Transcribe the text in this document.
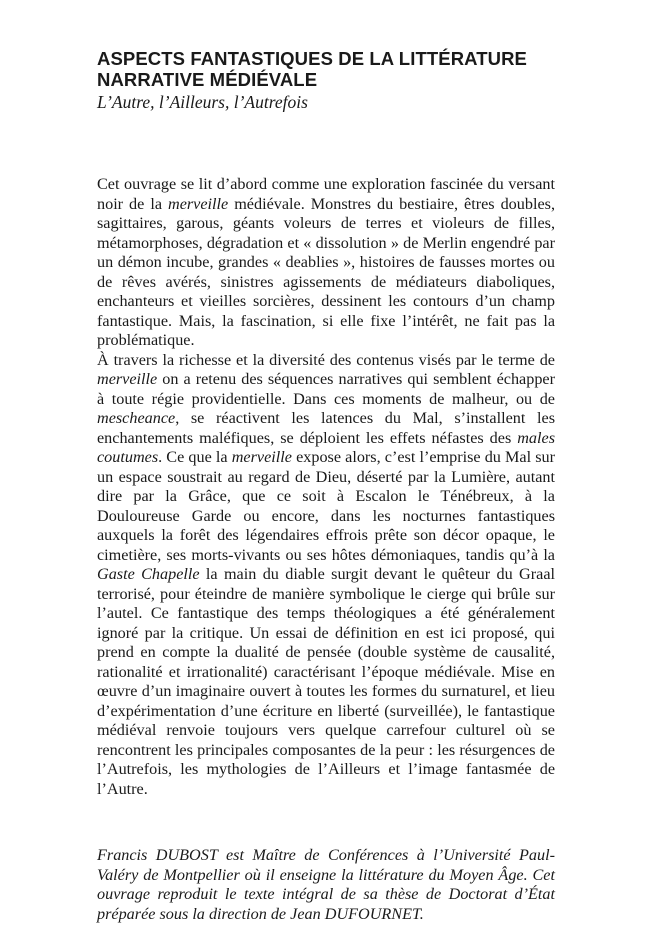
ASPECTS FANTASTIQUES DE LA LITTÉRATURE
NARRATIVE MÉDIÉVALE
L’Autre, l’Ailleurs, l’Autrefois

Cet ouvrage se lit d’abord comme une exploration fascinée du versant noir de la merveille médiévale. Monstres du bestiaire, êtres doubles, sagittaires, garous, géants voleurs de terres et violeurs de filles, métamorphoses, dégradation et « dissolution » de Merlin engendré par un démon incube, grandes « deablies », histoires de fausses mortes ou de rêves avérés, sinistres agissements de médiateurs diaboliques, enchanteurs et vieilles sorcières, dessinent les contours d’un champ fantastique. Mais, la fascination, si elle fixe l’intérêt, ne fait pas la problématique.

À travers la richesse et la diversité des contenus visés par le terme de merveille on a retenu des séquences narratives qui semblent échapper à toute régie providentielle. Dans ces moments de malheur, ou de mescheance, se réactivent les latences du Mal, s’installent les enchantements maléfiques, se déploient les effets néfastes des males coutumes. Ce que la merveille expose alors, c’est l’emprise du Mal sur un espace soustrait au regard de Dieu, déserté par la Lumière, autant dire par la Grâce, que ce soit à Escalon le Ténébreux, à la Douloureuse Garde ou encore, dans les nocturnes fantastiques auxquels la forêt des légendaires effrois prête son décor opaque, le cimetière, ses morts-vivants ou ses hôtes démoniaques, tandis qu’à la Gaste Chapelle la main du diable surgit devant le quêteur du Graal terrorisé, pour éteindre de manière symbolique le cierge qui brûle sur l’autel. Ce fantastique des temps théologiques a été généralement ignoré par la critique. Un essai de définition en est ici proposé, qui prend en compte la dualité de pensée (double système de causalité, rationalité et irrationalité) caractérisant l’époque médiévale. Mise en œuvre d’un imaginaire ouvert à toutes les formes du surnaturel, et lieu d’expérimentation d’une écriture en liberté (surveillée), le fantastique médiéval renvoie toujours vers quelque carrefour culturel où se rencontrent les principales composantes de la peur : les résurgences de l’Autrefois, les mythologies de l’Ailleurs et l’image fantasmée de l’Autre.

Francis DUBOST est Maître de Conférences à l’Université Paul-Valéry de Montpellier où il enseigne la littérature du Moyen Âge. Cet ouvrage reproduit le texte intégral de sa thèse de Doctorat d’État préparée sous la direction de Jean DUFOURNET.
